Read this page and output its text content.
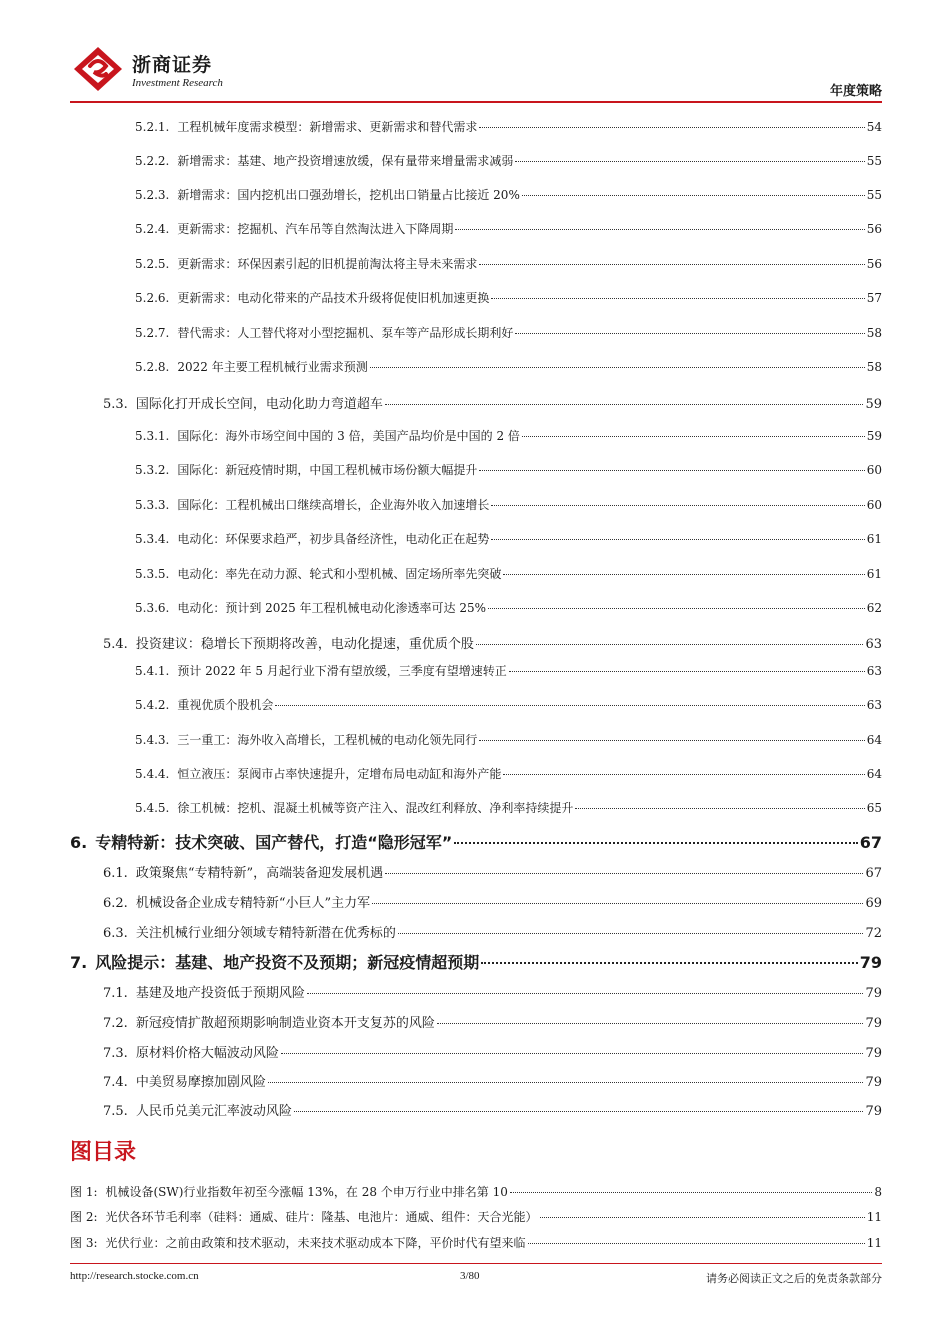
浙商证券
Investment Research
年度策略
5.2.1. 工程机械年度需求模型：新增需求、更新需求和替代需求	54
5.2.2. 新增需求：基建、地产投资增速放缓，保有量带来增量需求减弱	55
5.2.3. 新增需求：国内挖机出口强劲增长，挖机出口销量占比接近 20%	55
5.2.4. 更新需求：挖掘机、汽车吊等自然淘汰进入下降周期	56
5.2.5. 更新需求：环保因素引起的旧机提前淘汰将主导未来需求	56
5.2.6. 更新需求：电动化带来的产品技术升级将促使旧机加速更换	57
5.2.7. 替代需求：人工替代将对小型挖掘机、泵车等产品形成长期利好	58
5.2.8. 2022 年主要工程机械行业需求预测	58
5.3. 国际化打开成长空间，电动化助力弯道超车	59
5.3.1. 国际化：海外市场空间中国的 3 倍，美国产品均价是中国的 2 倍	59
5.3.2. 国际化：新冠疫情时期，中国工程机械市场份额大幅提升	60
5.3.3. 国际化：工程机械出口继续高增长，企业海外收入加速增长	60
5.3.4. 电动化：环保要求趋严，初步具备经济性，电动化正在起势	61
5.3.5. 电动化：率先在动力源、轮式和小型机械、固定场所率先突破	61
5.3.6. 电动化：预计到 2025 年工程机械电动化渗透率可达 25%	62
5.4. 投资建议：稳增长下预期将改善，电动化提速，重优质个股	63
5.4.1. 预计 2022 年 5 月起行业下滑有望放缓，三季度有望增速转正	63
5.4.2. 重视优质个股机会	63
5.4.3. 三一重工：海外收入高增长，工程机械的电动化领先同行	64
5.4.4. 恒立液压：泵阀市占率快速提升，定增布局电动缸和海外产能	64
5.4.5. 徐工机械：挖机、混凝土机械等资产注入、混改红利释放、净利率持续提升	65
6. 专精特新：技术突破、国产替代，打造“隐形冠军”	67
6.1. 政策聚焦“专精特新”，高端装备迎发展机遇	67
6.2. 机械设备企业成专精特新“小巨人”主力军	69
6.3. 关注机械行业细分领域专精特新潜在优秀标的	72
7. 风险提示：基建、地产投资不及预期；新冠疫情超预期	79
7.1. 基建及地产投资低于预期风险	79
7.2. 新冠疫情扩散超预期影响制造业资本开支复苏的风险	79
7.3. 原材料价格大幅波动风险	79
7.4. 中美贸易摩擦加剧风险	79
7.5. 人民币兑美元汇率波动风险	79
图目录
图 1: 机械设备(SW)行业指数年初至今涨幅 13%，在 28 个申万行业中排名第 10	8
图 2: 光伏各环节毛利率（硅料：通威、硅片：隆基、电池片：通威、组件：天合光能）	11
图 3: 光伏行业：之前由政策和技术驱动，未来技术驱动成本下降，平价时代有望来临	11
http://research.stocke.com.cn	3/80	请务必阅读正文之后的免责条款部分
